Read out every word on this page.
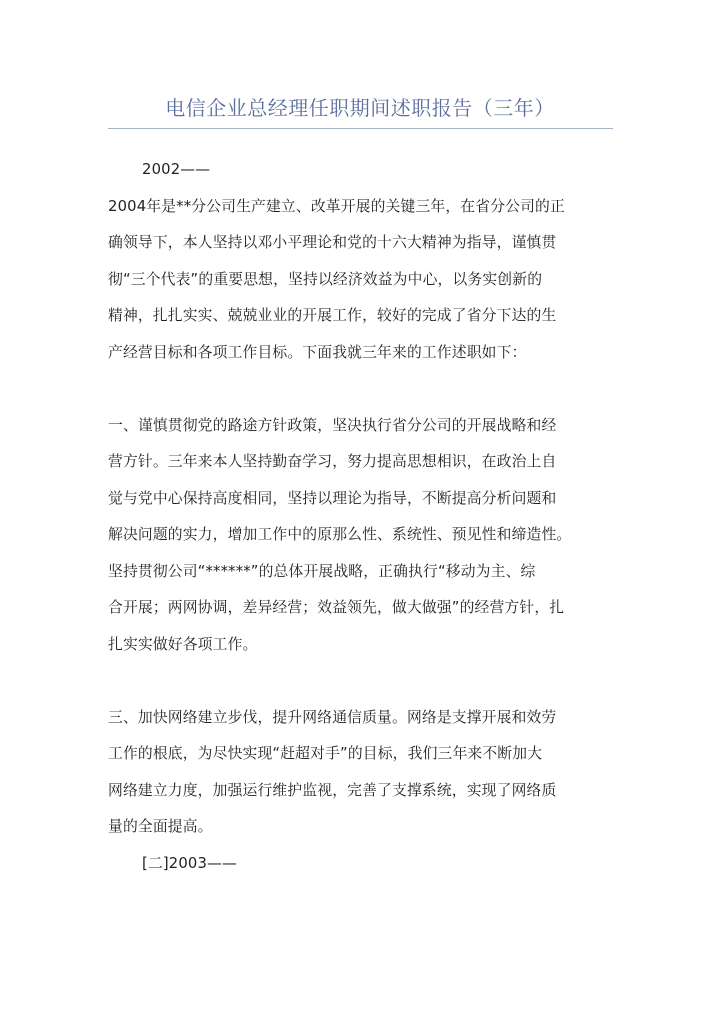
电信企业总经理任职期间述职报告（三年）
2002——
2004年是**分公司生产建立、改革开展的关键三年，在省分公司的正
确领导下，本人坚持以邓小平理论和党的十六大精神为指导，谨慎贯
彻“三个代表”的重要思想，坚持以经济效益为中心，以务实创新的
精神，扎扎实实、兢兢业业的开展工作，较好的完成了省分下达的生
产经营目标和各项工作目标。下面我就三年来的工作述职如下：
一、谨慎贯彻党的路途方针政策，坚决执行省分公司的开展战略和经
营方针。三年来本人坚持勤奋学习，努力提高思想相识，在政治上自
觉与党中心保持高度相同，坚持以理论为指导，不断提高分析问题和
解决问题的实力，增加工作中的原那么性、系统性、预见性和缔造性。
坚持贯彻公司“******”的总体开展战略，正确执行“移动为主、综
合开展；两网协调，差异经营；效益领先，做大做强”的经营方针，扎
扎实实做好各项工作。
三、加快网络建立步伐，提升网络通信质量。网络是支撑开展和效劳
工作的根底，为尽快实现“赶超对手”的目标，我们三年来不断加大
网络建立力度，加强运行维护监视，完善了支撑系统，实现了网络质
量的全面提高。
[二]2003——
